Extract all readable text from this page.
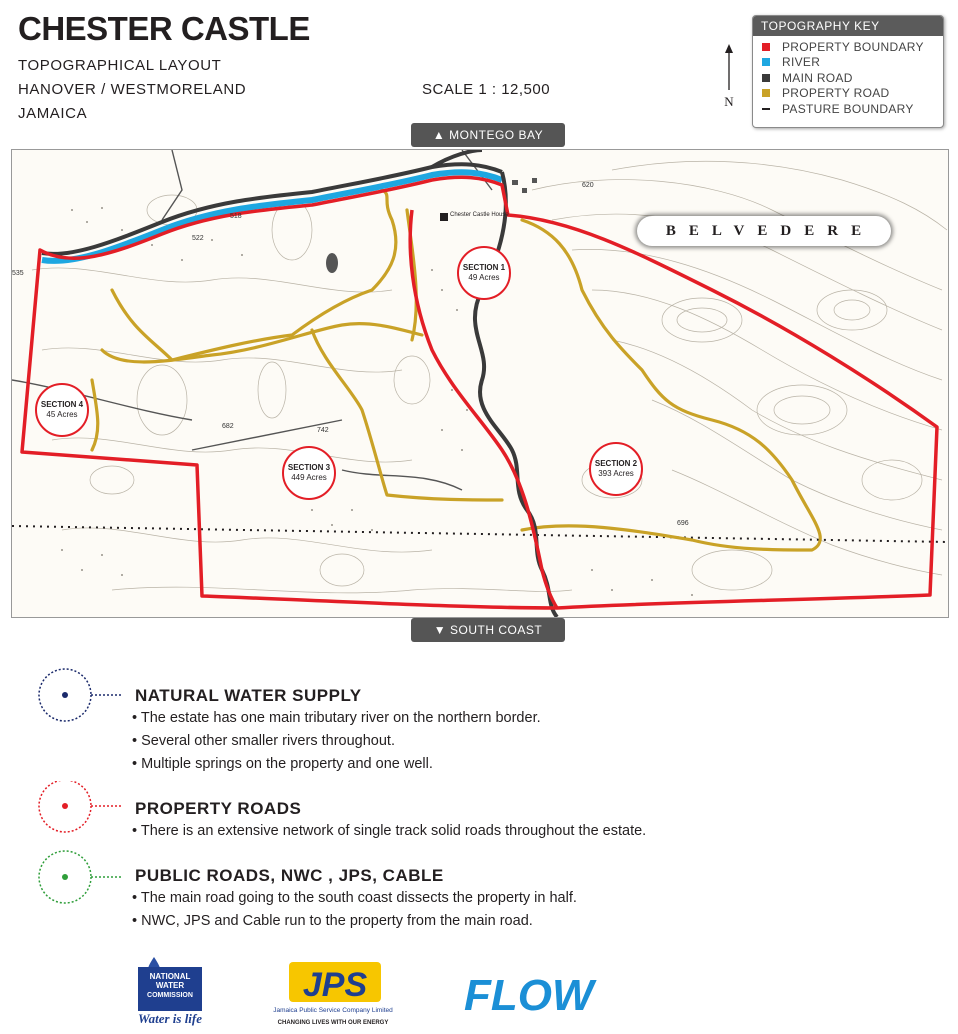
CHESTER CASTLE
TOPOGRAPHICAL LAYOUT
HANOVER / WESTMORELAND
JAMAICA
SCALE 1 : 12,500
N
TOPOGRAPHY KEY
PROPERTY BOUNDARY
RIVER
MAIN ROAD
PROPERTY ROAD
PASTURE BOUNDARY
▲ MONTEGO BAY
Chester Castle House
518
522
535
620
682
742
696
BELVEDERE
SECTION 1
49 Acres
SECTION 2
393 Acres
SECTION 3
449 Acres
SECTION 4
45 Acres
▼ SOUTH COAST
NATURAL WATER SUPPLY
• The estate has one main tributary river on the northern border.
• Several other smaller rivers throughout.
• Multiple springs on the property and one well.
PROPERTY ROADS
• There is an extensive network of single track solid roads throughout the estate.
PUBLIC ROADS, NWC , JPS, CABLE
• The main road going to the south coast dissects the property in half.
• NWC, JPS and Cable run to the property from the main road.
NATIONAL
WATER
COMMISSION
Water is life
JPS
Jamaica Public Service Company Limited
CHANGING LIVES WITH OUR ENERGY
FLOW
